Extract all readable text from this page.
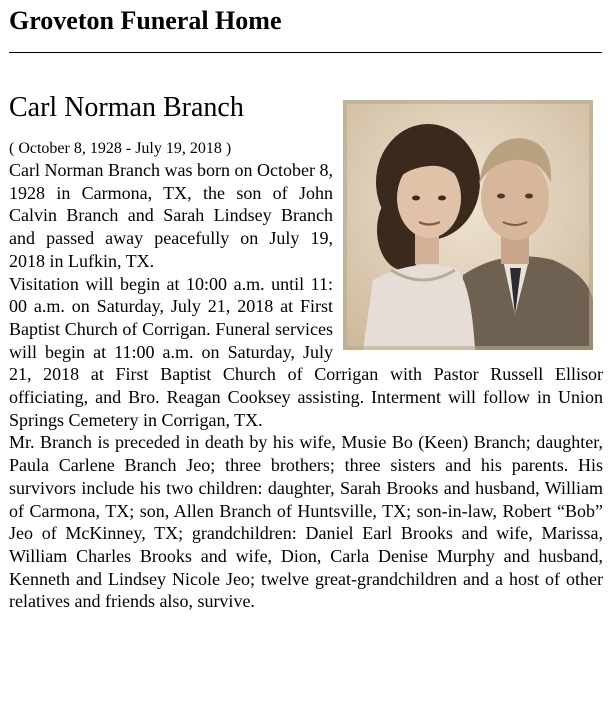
Groveton Funeral Home
Carl Norman Branch
( October 8, 1928 - July 19, 2018 )

Carl Norman Branch was born on October 8, 1928 in Carmona, TX, the son of John Calvin Branch and Sarah Lindsey Branch and passed away peacefully on July 19, 2018 in Lufkin, TX.

Visitation will begin at 10:00 a.m. until 11: 00 a.m. on Saturday, July 21, 2018 at First Baptist Church of Corrigan. Funeral services will begin at 11:00 a.m. on Saturday, July 21, 2018 at First Baptist Church of Corrigan with Pastor Russell Ellisor officiating, and Bro. Reagan Cooksey assisting. Interment will follow in Union Springs Cemetery in Corrigan, TX.

Mr. Branch is preceded in death by his wife, Musie Bo (Keen) Branch; daughter, Paula Carlene Branch Jeo; three brothers; three sisters and his parents. His survivors include his two children: daughter, Sarah Brooks and husband, William of Carmona, TX; son, Allen Branch of Huntsville, TX; son-in-law, Robert “Bob” Jeo of McKinney, TX; grandchildren: Daniel Earl Brooks and wife, Marissa, William Charles Brooks and wife, Dion, Carla Denise Murphy and husband, Kenneth and Lindsey Nicole Jeo; twelve great-grandchildren and a host of other relatives and friends also, survive.
